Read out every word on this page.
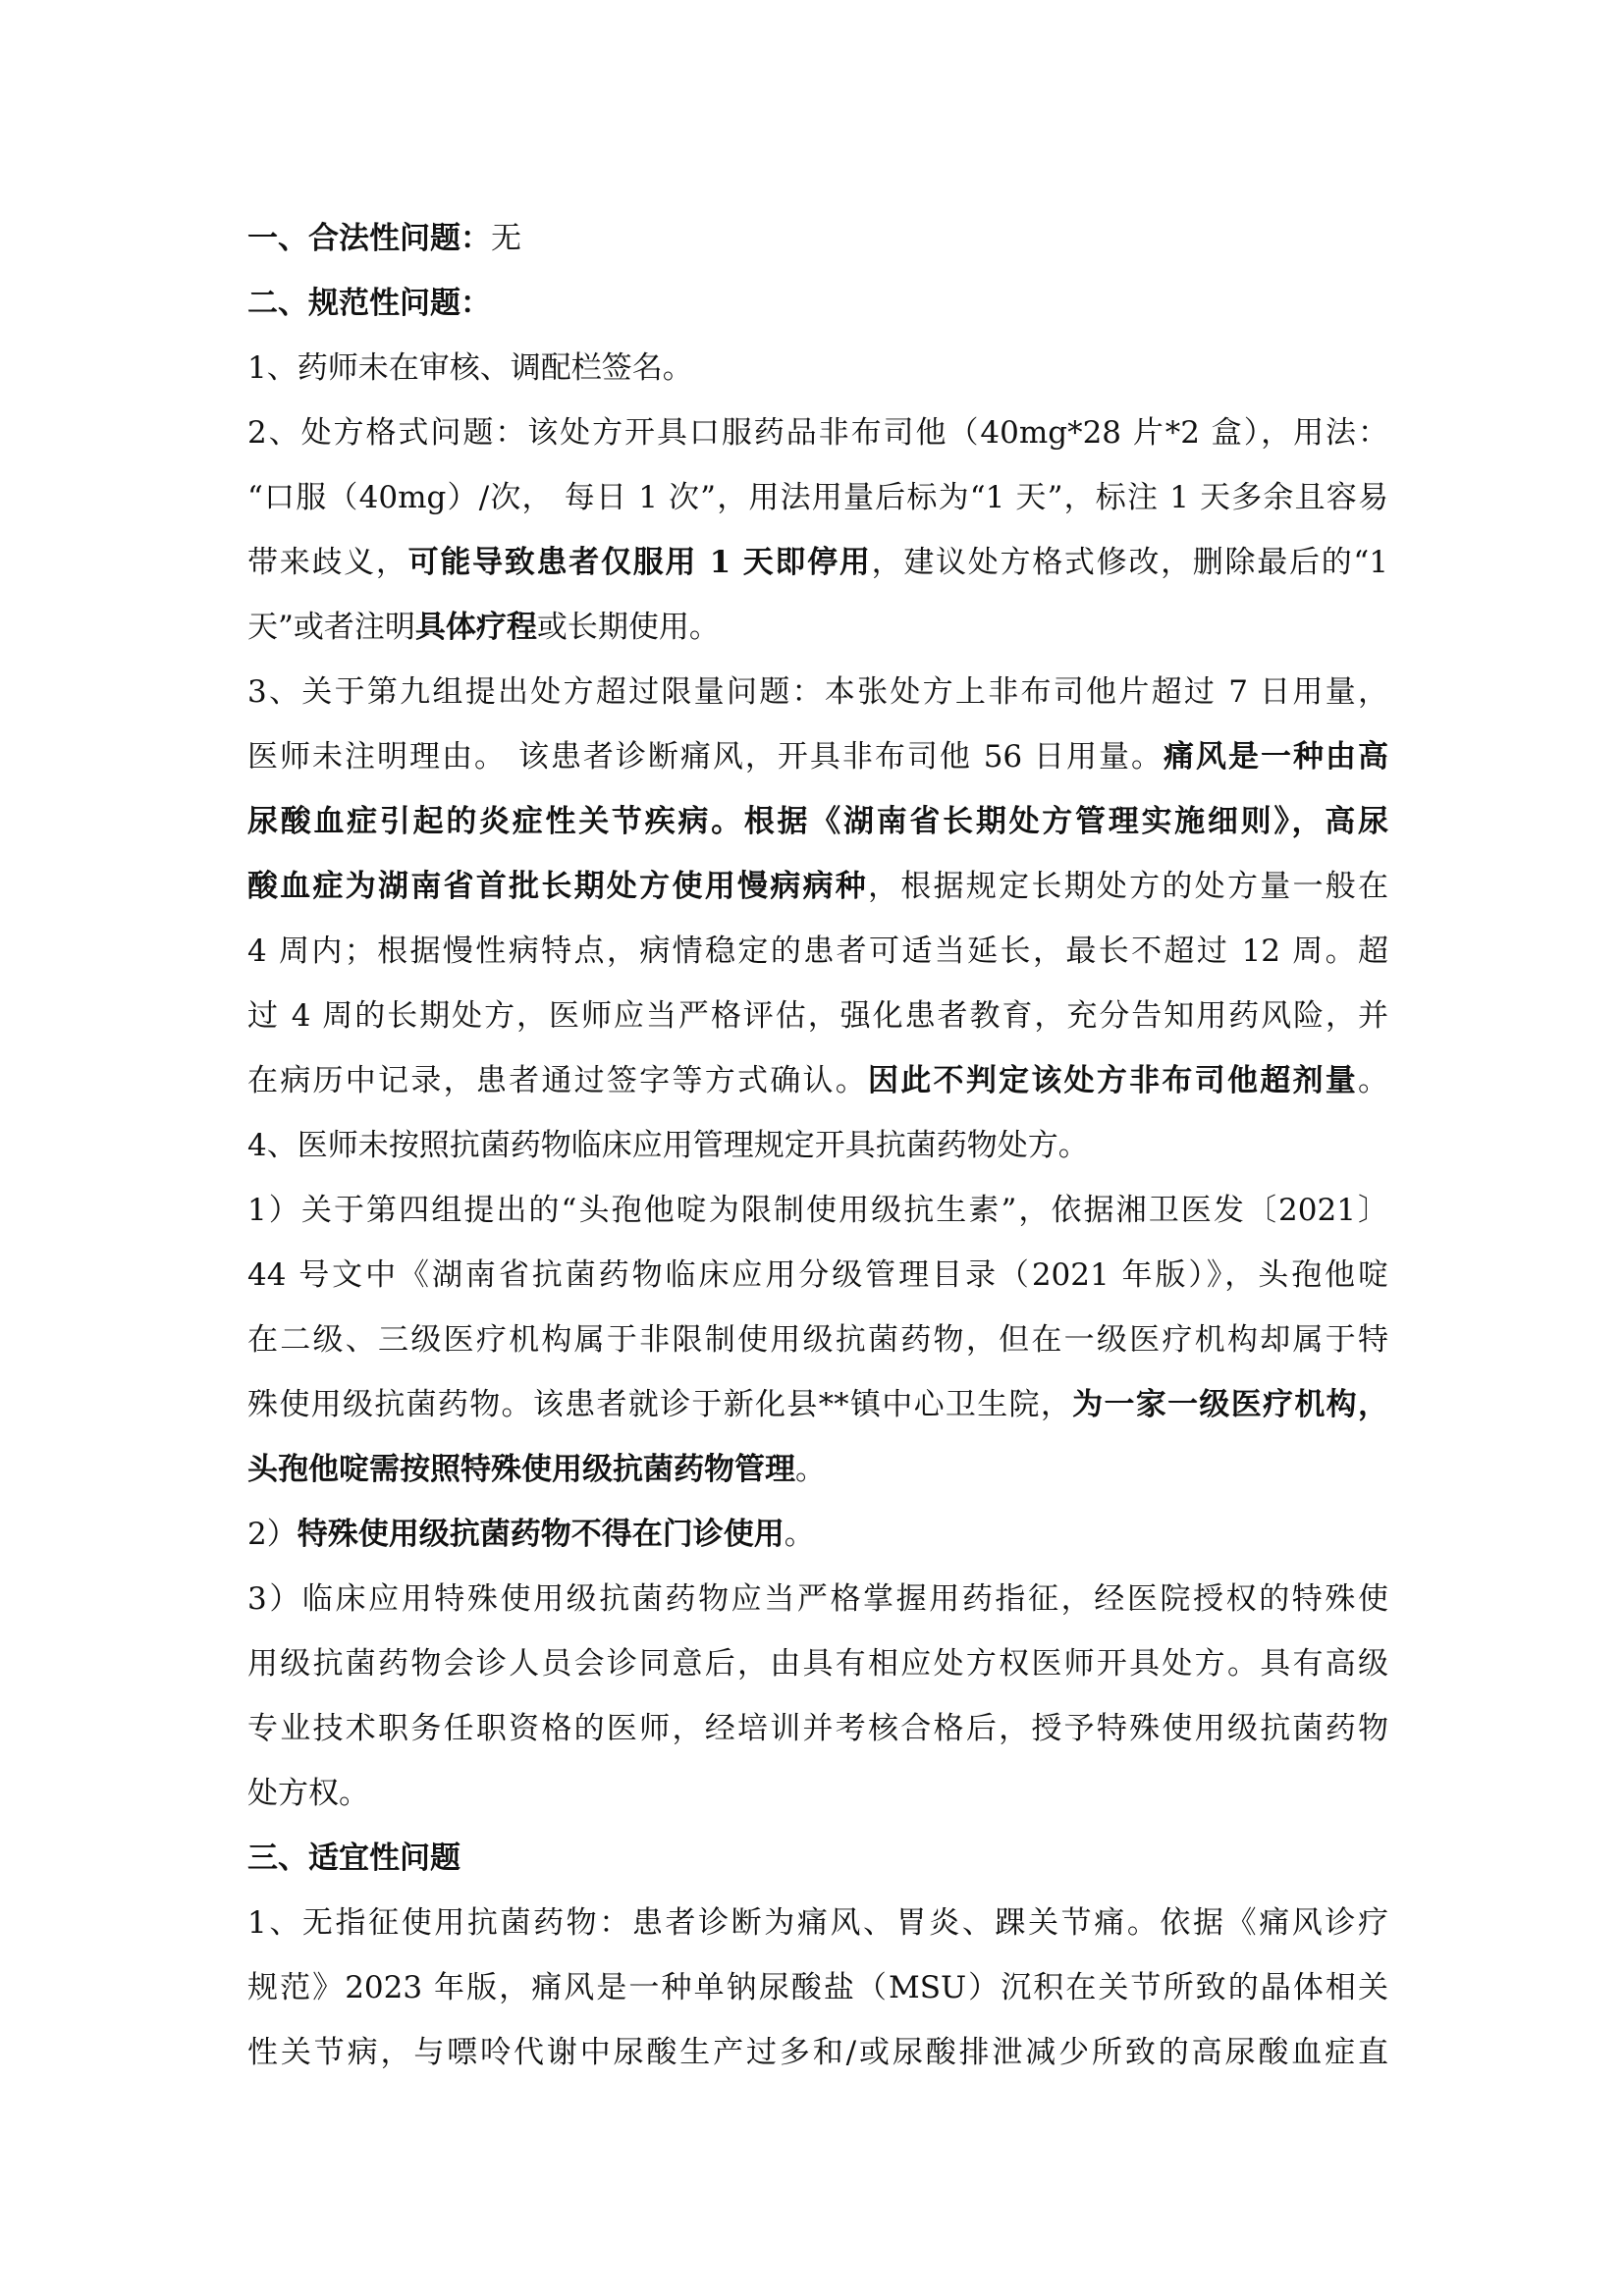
一、合法性问题：无
二、规范性问题：
1、药师未在审核、调配栏签名。
2、处方格式问题：该处方开具口服药品非布司他（40mg*28 片*2 盒），用法：
“口服（40mg）/次， 每日 1 次”，用法用量后标为“1 天”，标注 1 天多余且容易
带来歧义，可能导致患者仅服用 1 天即停用，建议处方格式修改，删除最后的“1
天”或者注明具体疗程或长期使用。
3、关于第九组提出处方超过限量问题：本张处方上非布司他片超过 7 日用量，
医师未注明理由。 该患者诊断痛风，开具非布司他 56 日用量。痛风是一种由高
尿酸血症引起的炎症性关节疾病。根据《湖南省长期处方管理实施细则》，高尿
酸血症为湖南省首批长期处方使用慢病病种，根据规定长期处方的处方量一般在
4 周内；根据慢性病特点，病情稳定的患者可适当延长，最长不超过 12 周。超
过 4 周的长期处方，医师应当严格评估，强化患者教育，充分告知用药风险，并
在病历中记录，患者通过签字等方式确认。因此不判定该处方非布司他超剂量。
4、医师未按照抗菌药物临床应用管理规定开具抗菌药物处方。
1）关于第四组提出的“头孢他啶为限制使用级抗生素”，依据湘卫医发〔2021〕
44 号文中《湖南省抗菌药物临床应用分级管理目录（2021 年版）》，头孢他啶
在二级、三级医疗机构属于非限制使用级抗菌药物，但在一级医疗机构却属于特
殊使用级抗菌药物。该患者就诊于新化县**镇中心卫生院，为一家一级医疗机构，
头孢他啶需按照特殊使用级抗菌药物管理。
2）特殊使用级抗菌药物不得在门诊使用。
3）临床应用特殊使用级抗菌药物应当严格掌握用药指征，经医院授权的特殊使
用级抗菌药物会诊人员会诊同意后，由具有相应处方权医师开具处方。具有高级
专业技术职务任职资格的医师，经培训并考核合格后，授予特殊使用级抗菌药物
处方权。
三、适宜性问题
1、无指征使用抗菌药物：患者诊断为痛风、胃炎、踝关节痛。依据《痛风诊疗
规范》2023 年版，痛风是一种单钠尿酸盐（MSU）沉积在关节所致的晶体相关
性关节病，与嘌呤代谢中尿酸生产过多和/或尿酸排泄减少所致的高尿酸血症直
